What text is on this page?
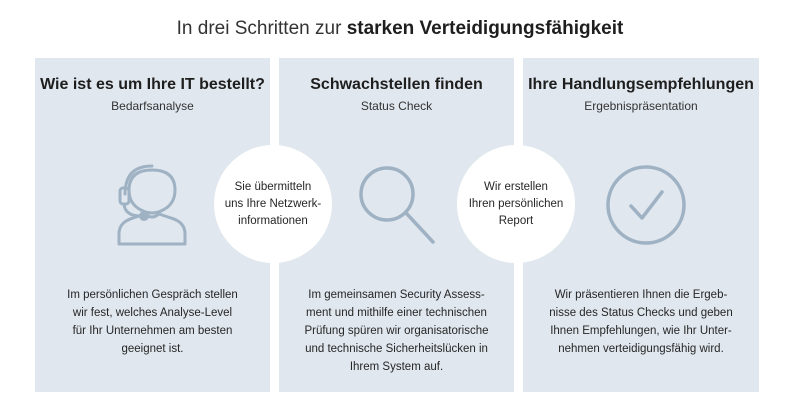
In drei Schritten zur starken Verteidigungsfähigkeit
Wie ist es um Ihre IT bestellt?
Bedarfsanalyse
Im persönlichen Gespräch stellen
wir fest, welches Analyse-Level
für Ihr Unternehmen am besten
geeignet ist.
Schwachstellen finden
Status Check
Im gemeinsamen Security Assess-
ment und mithilfe einer technischen
Prüfung spüren wir organisatorische
und technische Sicherheitslücken in
Ihrem System auf.
Ihre Handlungsempfehlungen
Ergebnispräsentation
Wir präsentieren Ihnen die Ergeb-
nisse des Status Checks und geben
Ihnen Empfehlungen, wie Ihr Unter-
nehmen verteidigungsfähig wird.
Sie übermitteln
uns Ihre Netzwerk-
informationen
Wir erstellen
Ihren persönlichen
Report
